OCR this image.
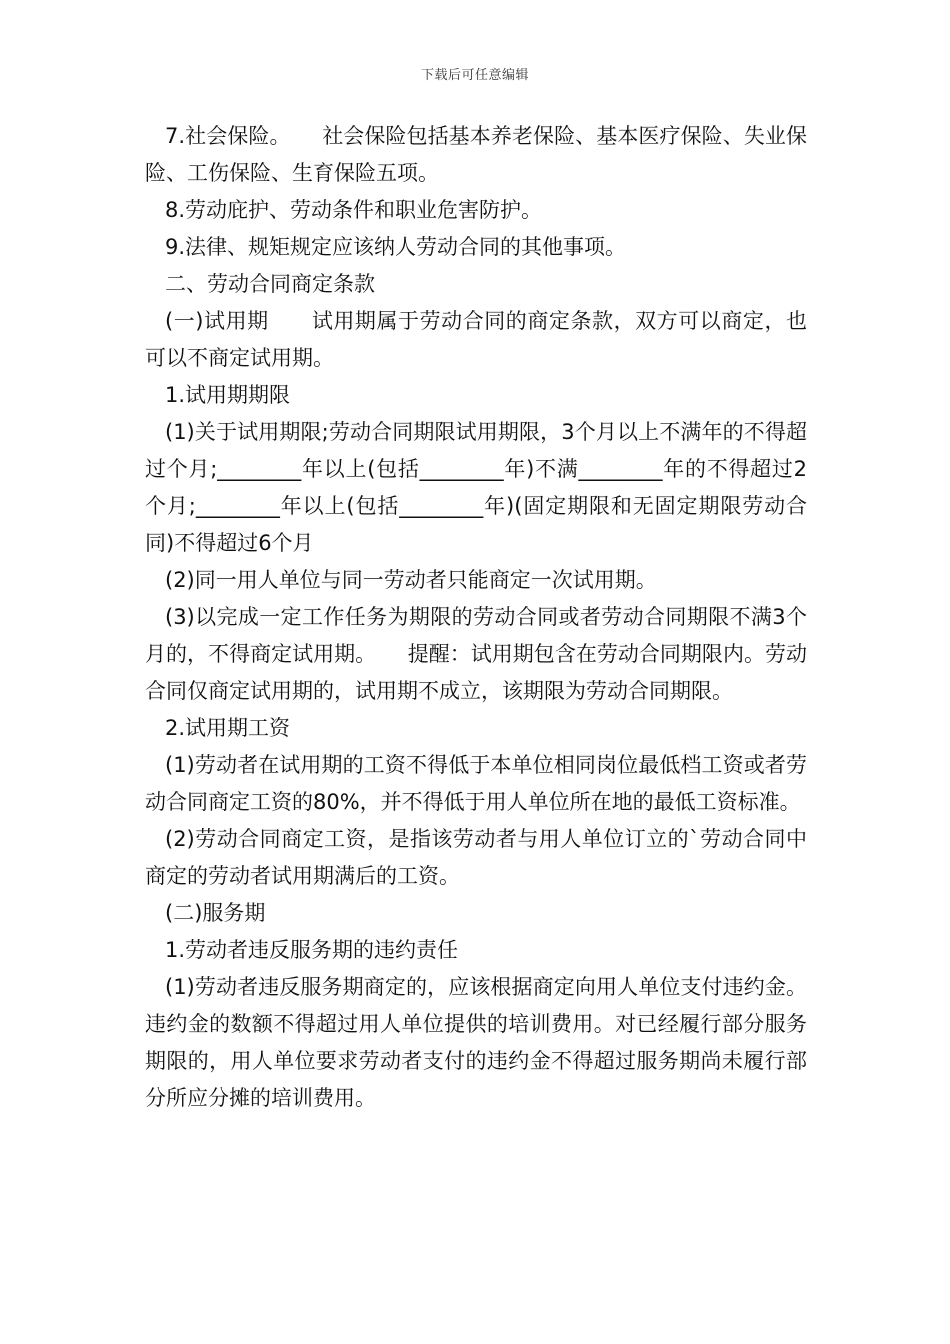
下载后可任意编辑

7.社会保险。　　社会保险包括基本养老保险、基本医疗保险、失业保险、工伤保险、生育保险五项。

8.劳动庇护、劳动条件和职业危害防护。

9.法律、规矩规定应该纳人劳动合同的其他事项。

二、劳动合同商定条款

(一)试用期　　试用期属于劳动合同的商定条款，双方可以商定，也可以不商定试用期。

1.试用期期限

(1)关于试用期限;劳动合同期限试用期限，3个月以上不满年的不得超过个月;________年以上(包括________年)不满________年的不得超过2个月;________年以上(包括________年)(固定期限和无固定期限劳动合同)不得超过6个月

(2)同一用人单位与同一劳动者只能商定一次试用期。

(3)以完成一定工作任务为期限的劳动合同或者劳动合同期限不满3个月的，不得商定试用期。　　提醒：试用期包含在劳动合同期限内。劳动合同仅商定试用期的，试用期不成立，该期限为劳动合同期限。

2.试用期工资

(1)劳动者在试用期的工资不得低于本单位相同岗位最低档工资或者劳动合同商定工资的80%，并不得低于用人单位所在地的最低工资标准。

(2)劳动合同商定工资，是指该劳动者与用人单位订立的`劳动合同中商定的劳动者试用期满后的工资。

(二)服务期

1.劳动者违反服务期的违约责任

(1)劳动者违反服务期商定的，应该根据商定向用人单位支付违约金。违约金的数额不得超过用人单位提供的培训费用。对已经履行部分服务期限的，用人单位要求劳动者支付的违约金不得超过服务期尚未履行部分所应分摊的培训费用。
